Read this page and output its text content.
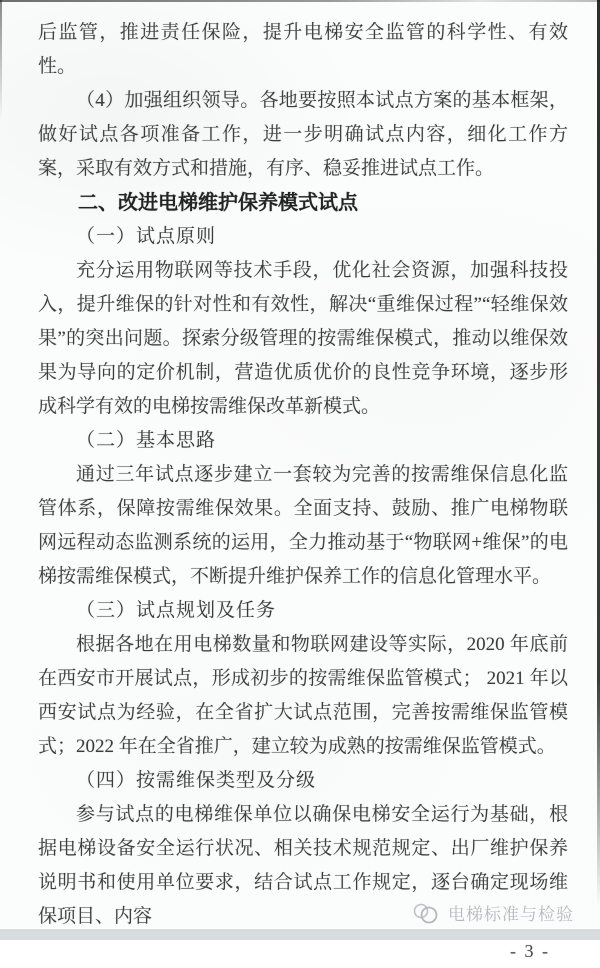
后监管，推进责任保险，提升电梯安全监管的科学性、有效性。

（4）加强组织领导。各地要按照本试点方案的基本框架，做好试点各项准备工作，进一步明确试点内容，细化工作方案，采取有效方式和措施，有序、稳妥推进试点工作。

二、改进电梯维护保养模式试点

（一）试点原则

充分运用物联网等技术手段，优化社会资源，加强科技投入，提升维保的针对性和有效性，解决“重维保过程”“轻维保效果”的突出问题。探索分级管理的按需维保模式，推动以维保效果为导向的定价机制，营造优质优价的良性竞争环境，逐步形成科学有效的电梯按需维保改革新模式。

（二）基本思路

通过三年试点逐步建立一套较为完善的按需维保信息化监管体系，保障按需维保效果。全面支持、鼓励、推广电梯物联网远程动态监测系统的运用，全力推动基于“物联网+维保”的电梯按需维保模式，不断提升维护保养工作的信息化管理水平。

（三）试点规划及任务

根据各地在用电梯数量和物联网建设等实际，2020 年底前在西安市开展试点，形成初步的按需维保监管模式； 2021 年以西安试点为经验，在全省扩大试点范围，完善按需维保监管模式；2022 年在全省推广，建立较为成熟的按需维保监管模式。

（四）按需维保类型及分级

参与试点的电梯维保单位以确保电梯安全运行为基础，根据电梯设备安全运行状况、相关技术规范规定、出厂维护保养说明书和使用单位要求，结合试点工作规定，逐台确定现场维保项目、内容

- 3 -

电梯标准与检验
